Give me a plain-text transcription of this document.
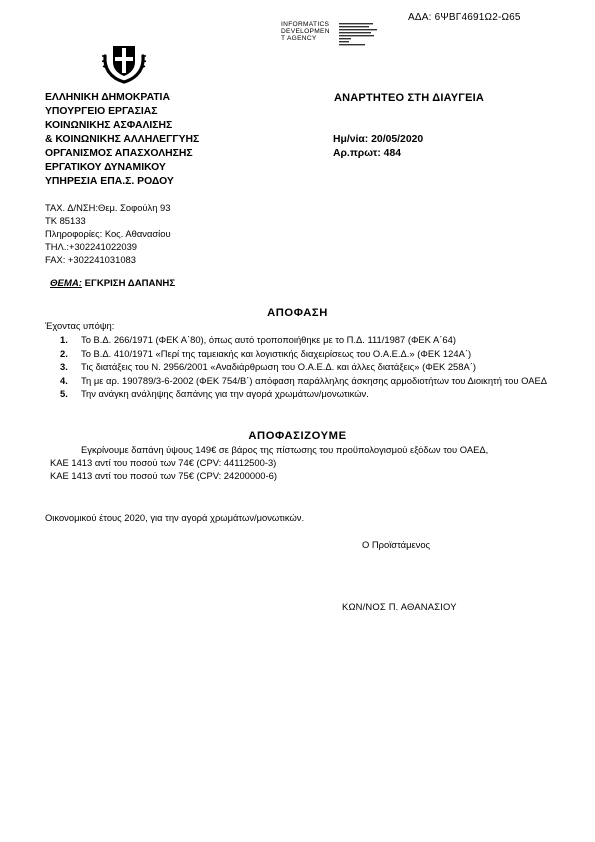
ΑΔΑ: 6ΨΒΓ4691Ω2-Ω65
INFORMATICS
DEVELOPMEN
T AGENCY
ΕΛΛΗΝΙΚΗ ΔΗΜΟΚΡΑΤΙΑ
ΥΠΟΥΡΓΕΙΟ ΕΡΓΑΣΙΑΣ
ΚΟΙΝΩΝΙΚΗΣ ΑΣΦΑΛΙΣΗΣ
& ΚΟΙΝΩΝΙΚΗΣ ΑΛΛΗΛΕΓΓΥΗΣ
ΟΡΓΑΝΙΣΜΟΣ ΑΠΑΣΧΟΛΗΣΗΣ
ΕΡΓΑΤΙΚΟΥ ΔΥΝΑΜΙΚΟΥ
ΥΠΗΡΕΣΙΑ ΕΠΑ.Σ. ΡΟΔΟΥ
ΑΝΑΡΤΗΤΕΟ ΣΤΗ ΔΙΑΥΓΕΙΑ
Ημ/νία: 20/05/2020
Αρ.πρωτ: 484
ΤΑΧ. Δ/ΝΣΗ:Θεμ. Σοφούλη 93
ΤΚ 85133
Πληροφορίες: Κος. Αθανασίου
ΤΗΛ.:+302241022039
FAX: +302241031083
ΘΕΜΑ: ΕΓΚΡΙΣΗ ΔΑΠΑΝΗΣ
ΑΠΟΦΑΣΗ
Έχοντας υπόψη:
1.	Το Β.Δ. 266/1971 (ΦΕΚ Α΄80), όπως αυτό τροποποιήθηκε με το Π.Δ. 111/1987 (ΦΕΚ Α΄64)
2.	Το Β.Δ. 410/1971 «Περί της ταμειακής και λογιστικής διαχειρίσεως του Ο.Α.Ε.Δ.» (ΦΕΚ 124Α΄)
3.	Τις διατάξεις του Ν. 2956/2001 «Αναδιάρθρωση του Ο.Α.Ε.Δ. και άλλες διατάξεις» (ΦΕΚ 258Α΄)
4.	Τη με αρ. 190789/3-6-2002 (ΦΕΚ 754/Β΄) απόφαση παράλληλης άσκησης αρμοδιοτήτων του Διοικητή του ΟΑΕΔ
5.	Την ανάγκη ανάληψης δαπάνης για την αγορά χρωμάτων/μονωτικών.
ΑΠΟΦΑΣΙΖΟΥΜΕ
Εγκρίνουμε δαπάνη ύψους 149€ σε βάρος της πίστωσης του προϋπολογισμού εξόδων του ΟΑΕΔ,
ΚΑΕ 1413 αντί του ποσού των 74€ (CPV: 44112500-3)
ΚΑΕ 1413 αντί του ποσού των 75€ (CPV: 24200000-6)
Οικονομικού έτους 2020, για την αγορά χρωμάτων/μονωτικών.
Ο Προϊστάμενος
ΚΩΝ/ΝΟΣ Π. ΑΘΑΝΑΣΙΟΥ
